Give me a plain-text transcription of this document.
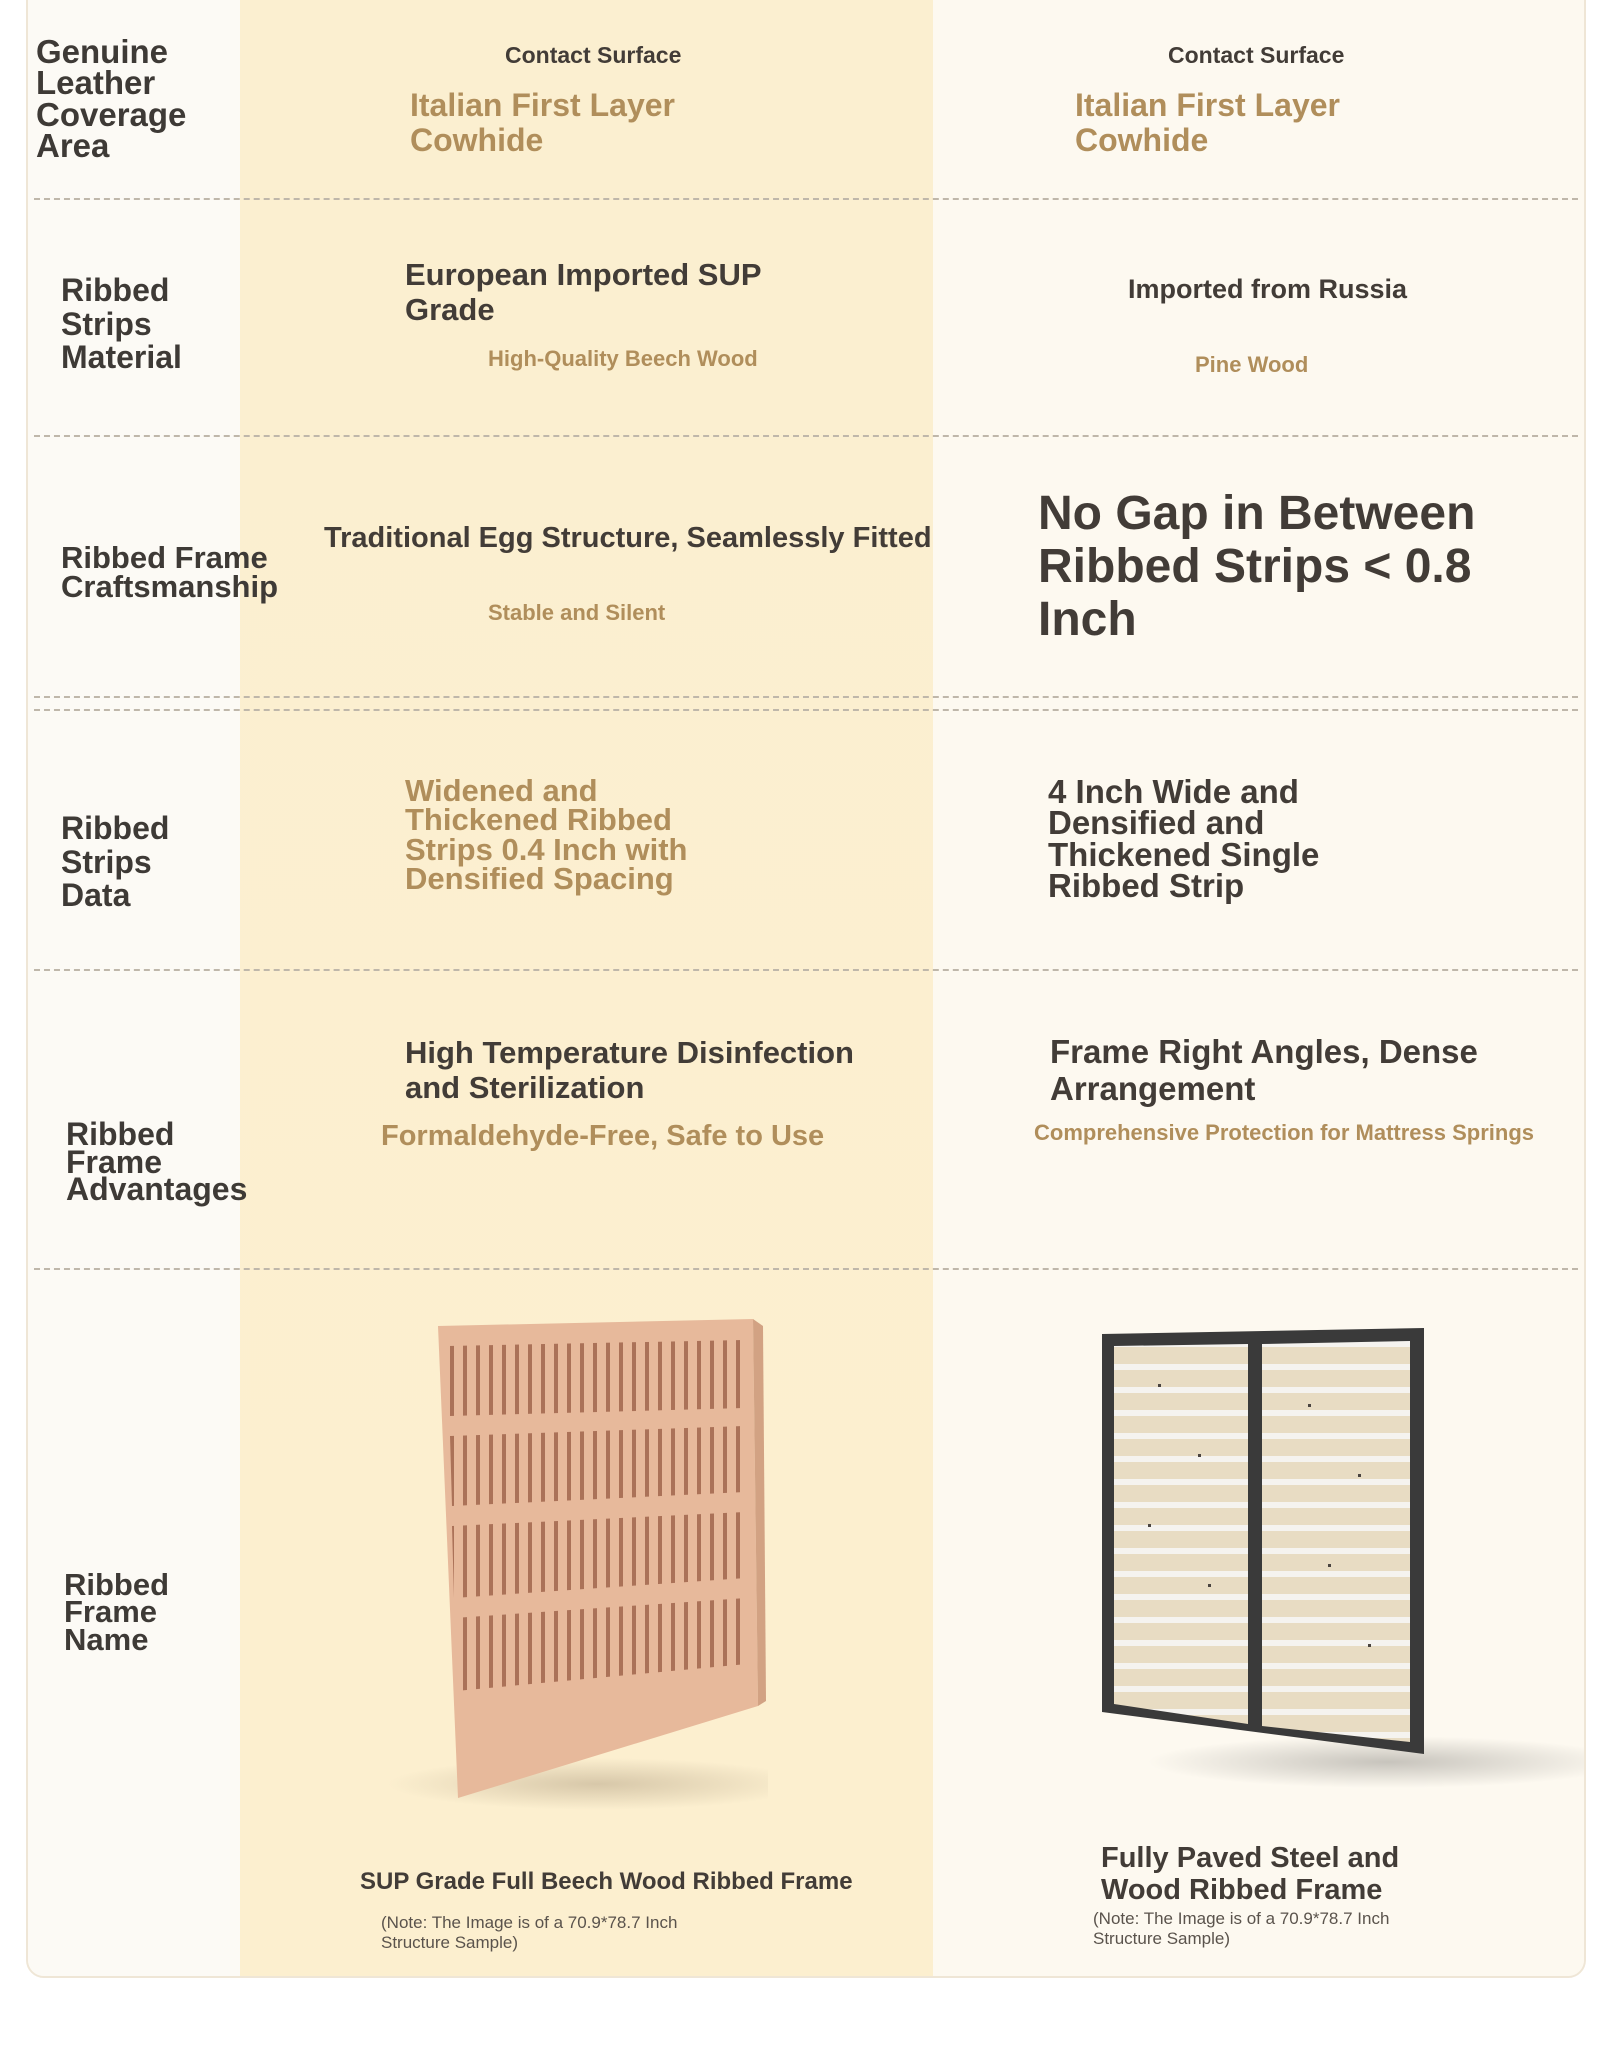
Genuine
Leather
Coverage
Area
Contact Surface
Italian First Layer
Cowhide
Contact Surface
Italian First Layer
Cowhide
Ribbed
Strips
Material
European Imported SUP
Grade
High-Quality Beech Wood
Imported from Russia
Pine Wood
Ribbed Frame
Craftsmanship
Traditional Egg Structure, Seamlessly Fitted
Stable and Silent
No Gap in Between
Ribbed Strips < 0.8
Inch
Ribbed
Strips
Data
Widened and
Thickened Ribbed
Strips 0.4 Inch with
Densified Spacing
4 Inch Wide and
Densified and
Thickened Single
Ribbed Strip
Ribbed
Frame
Advantages
High Temperature Disinfection
and Sterilization
Formaldehyde-Free, Safe to Use
Frame Right Angles, Dense
Arrangement
Comprehensive Protection for Mattress Springs
Ribbed
Frame
Name
SUP Grade Full Beech Wood Ribbed Frame
(Note: The Image is of a 70.9*78.7 Inch
Structure Sample)
Fully Paved Steel and
Wood Ribbed Frame
(Note: The Image is of a 70.9*78.7 Inch
Structure Sample)
